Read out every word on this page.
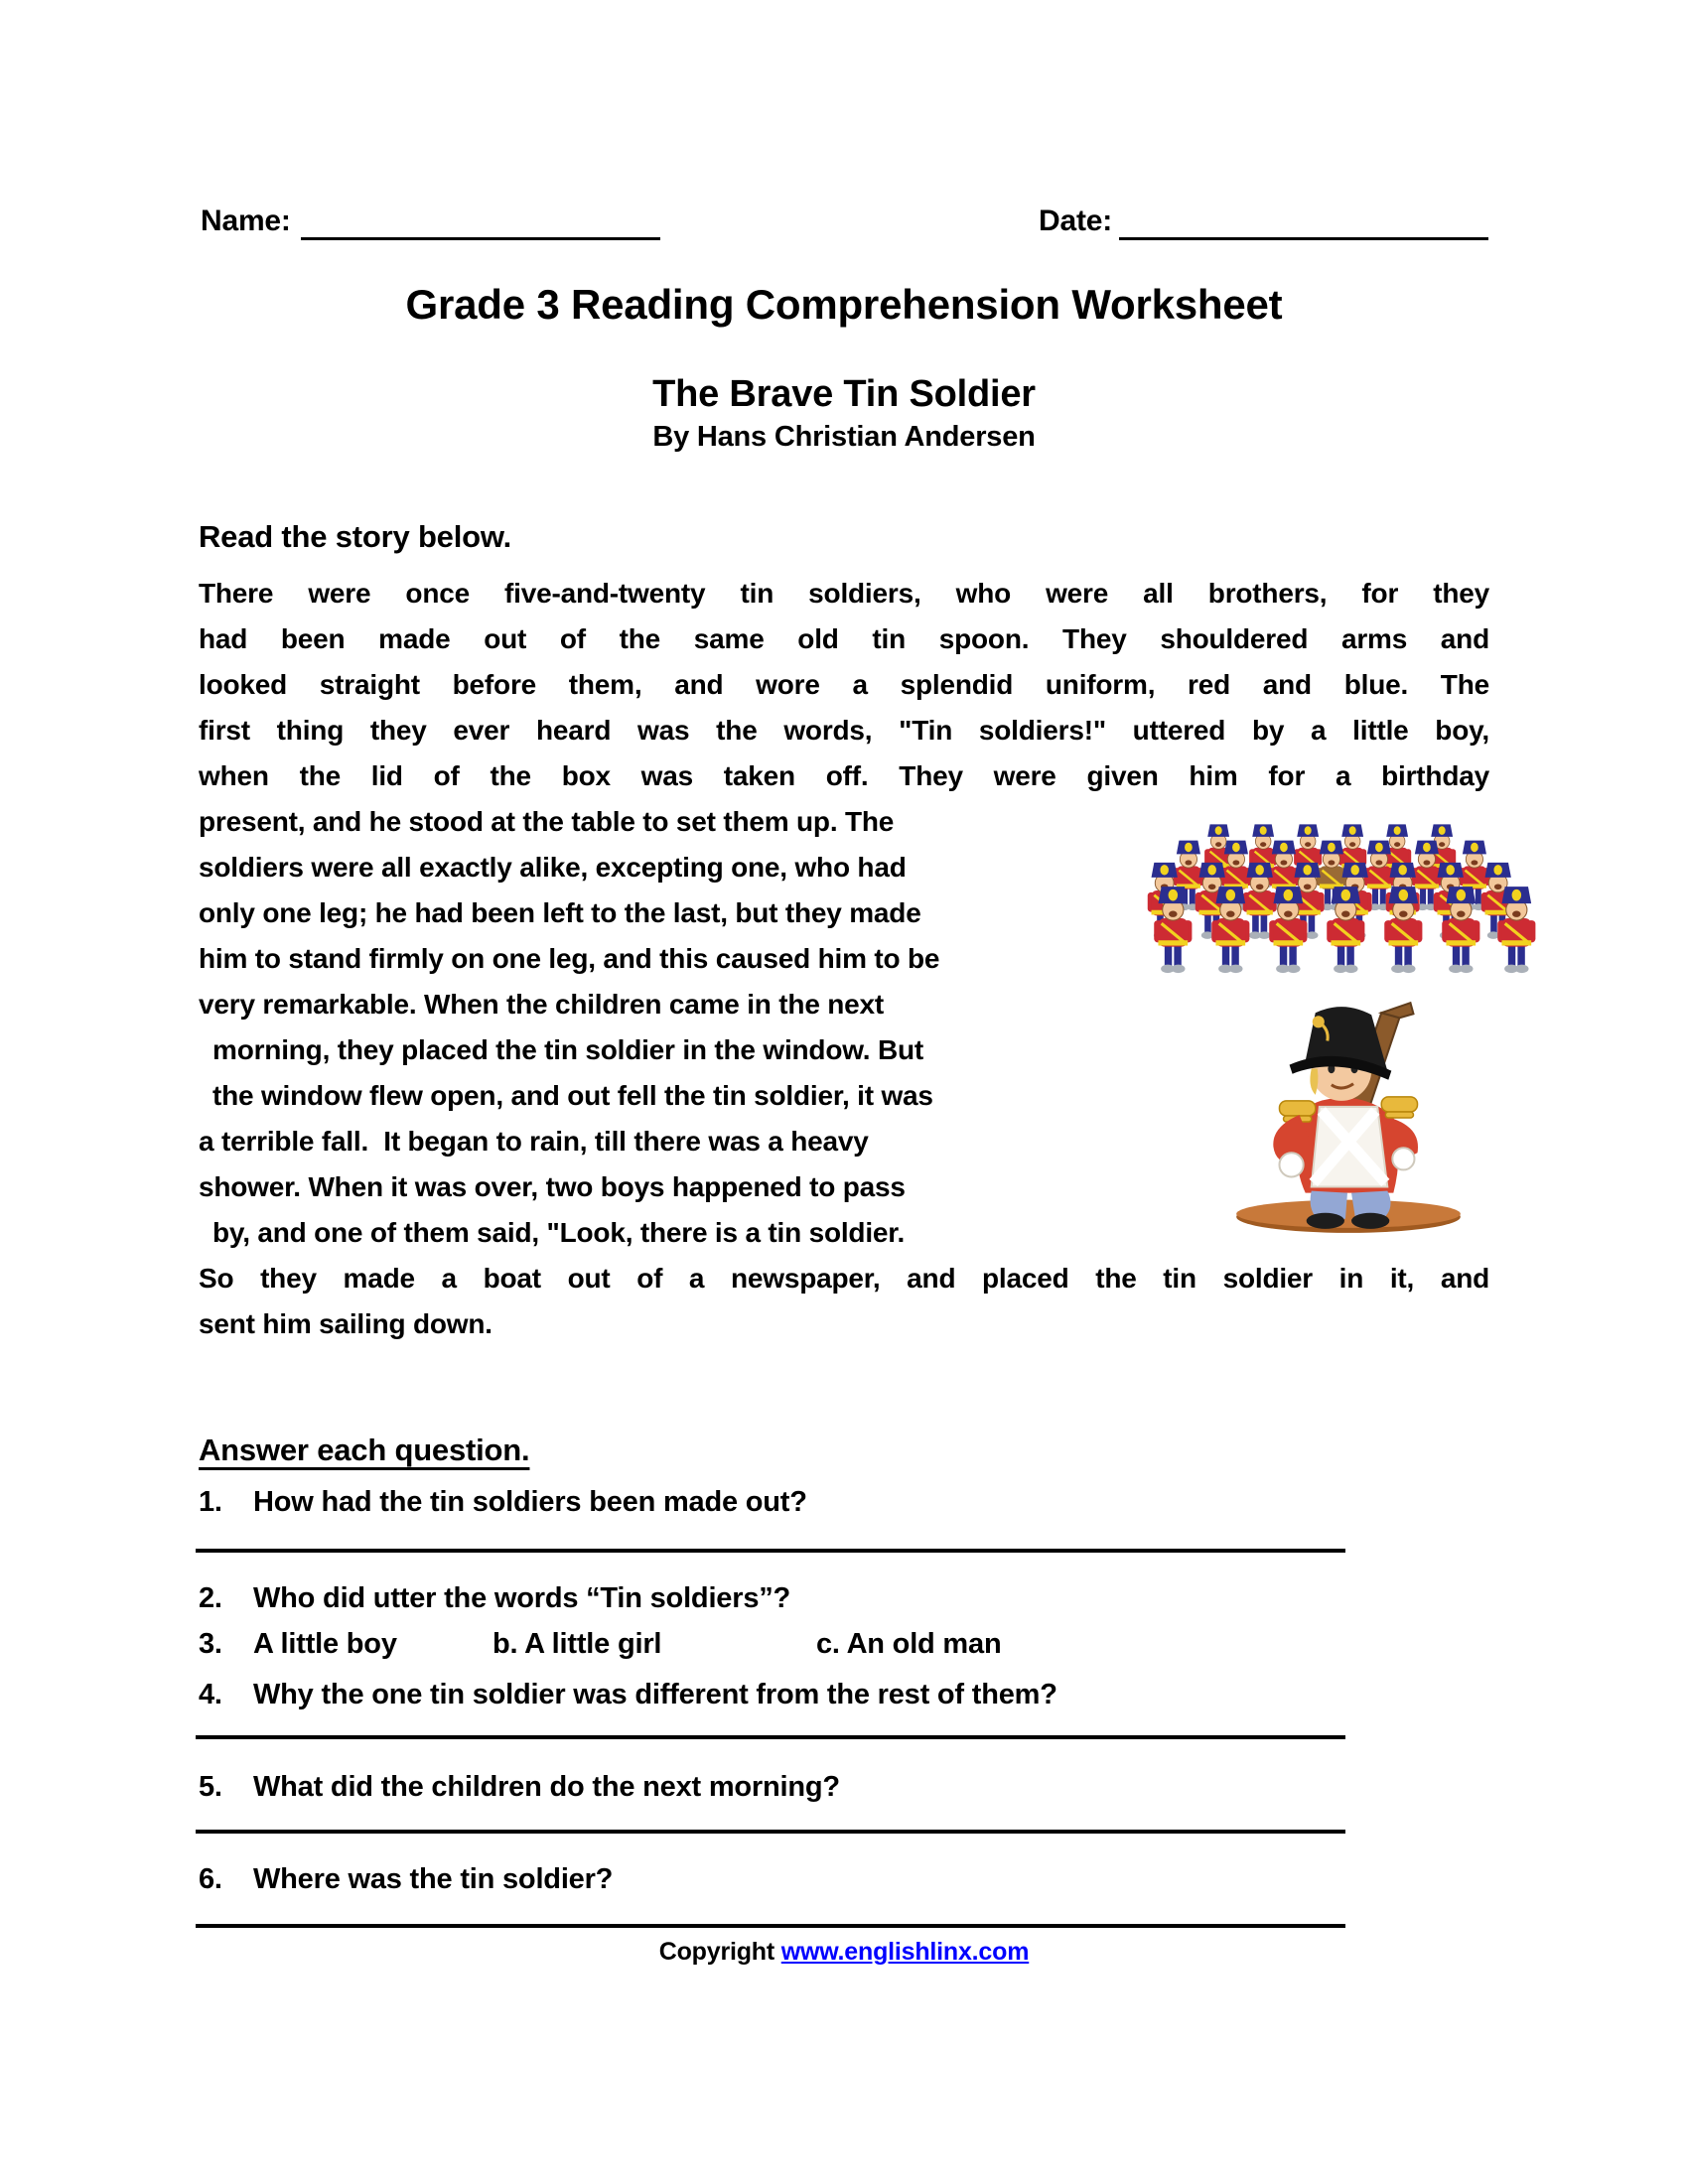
Name:	Date:
Grade 3 Reading Comprehension Worksheet
The Brave Tin Soldier
By Hans Christian Andersen
Read the story below.
There were once five-and-twenty tin soldiers, who were all brothers, for they
had been made out of the same old tin spoon. They shouldered arms and
looked straight before them, and wore a splendid uniform, red and blue. The
first thing they ever heard was the words, "Tin soldiers!" uttered by a little boy,
when the lid of the box was taken off. They were given him for a birthday
present, and he stood at the table to set them up. The
soldiers were all exactly alike, excepting one, who had
only one leg; he had been left to the last, but they made
him to stand firmly on one leg, and this caused him to be
very remarkable. When the children came in the next
morning, they placed the tin soldier in the window. But
the window flew open, and out fell the tin soldier, it was
a terrible fall.  It began to rain, till there was a heavy
shower. When it was over, two boys happened to pass
by, and one of them said, "Look, there is a tin soldier.
So they made a boat out of a newspaper, and placed the tin soldier in it, and
sent him sailing down.
Answer each question.
1. How had the tin soldiers been made out?
2. Who did utter the words “Tin soldiers”?
3. A little boy	b. A little girl	c. An old man
4. Why the one tin soldier was different from the rest of them?
5. What did the children do the next morning?
6. Where was the tin soldier?
Copyright www.englishlinx.com
